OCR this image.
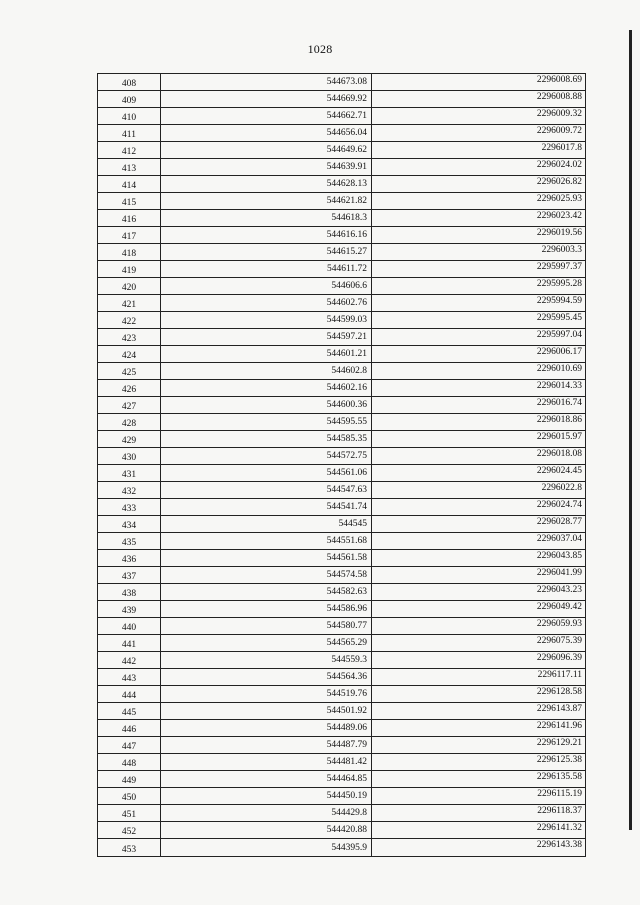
1028
408	544673.08	2296008.69
409	544669.92	2296008.88
410	544662.71	2296009.32
411	544656.04	2296009.72
412	544649.62	2296017.8
413	544639.91	2296024.02
414	544628.13	2296026.82
415	544621.82	2296025.93
416	544618.3	2296023.42
417	544616.16	2296019.56
418	544615.27	2296003.3
419	544611.72	2295997.37
420	544606.6	2295995.28
421	544602.76	2295994.59
422	544599.03	2295995.45
423	544597.21	2295997.04
424	544601.21	2296006.17
425	544602.8	2296010.69
426	544602.16	2296014.33
427	544600.36	2296016.74
428	544595.55	2296018.86
429	544585.35	2296015.97
430	544572.75	2296018.08
431	544561.06	2296024.45
432	544547.63	2296022.8
433	544541.74	2296024.74
434	544545	2296028.77
435	544551.68	2296037.04
436	544561.58	2296043.85
437	544574.58	2296041.99
438	544582.63	2296043.23
439	544586.96	2296049.42
440	544580.77	2296059.93
441	544565.29	2296075.39
442	544559.3	2296096.39
443	544564.36	2296117.11
444	544519.76	2296128.58
445	544501.92	2296143.87
446	544489.06	2296141.96
447	544487.79	2296129.21
448	544481.42	2296125.38
449	544464.85	2296135.58
450	544450.19	2296115.19
451	544429.8	2296118.37
452	544420.88	2296141.32
453	544395.9	2296143.38
